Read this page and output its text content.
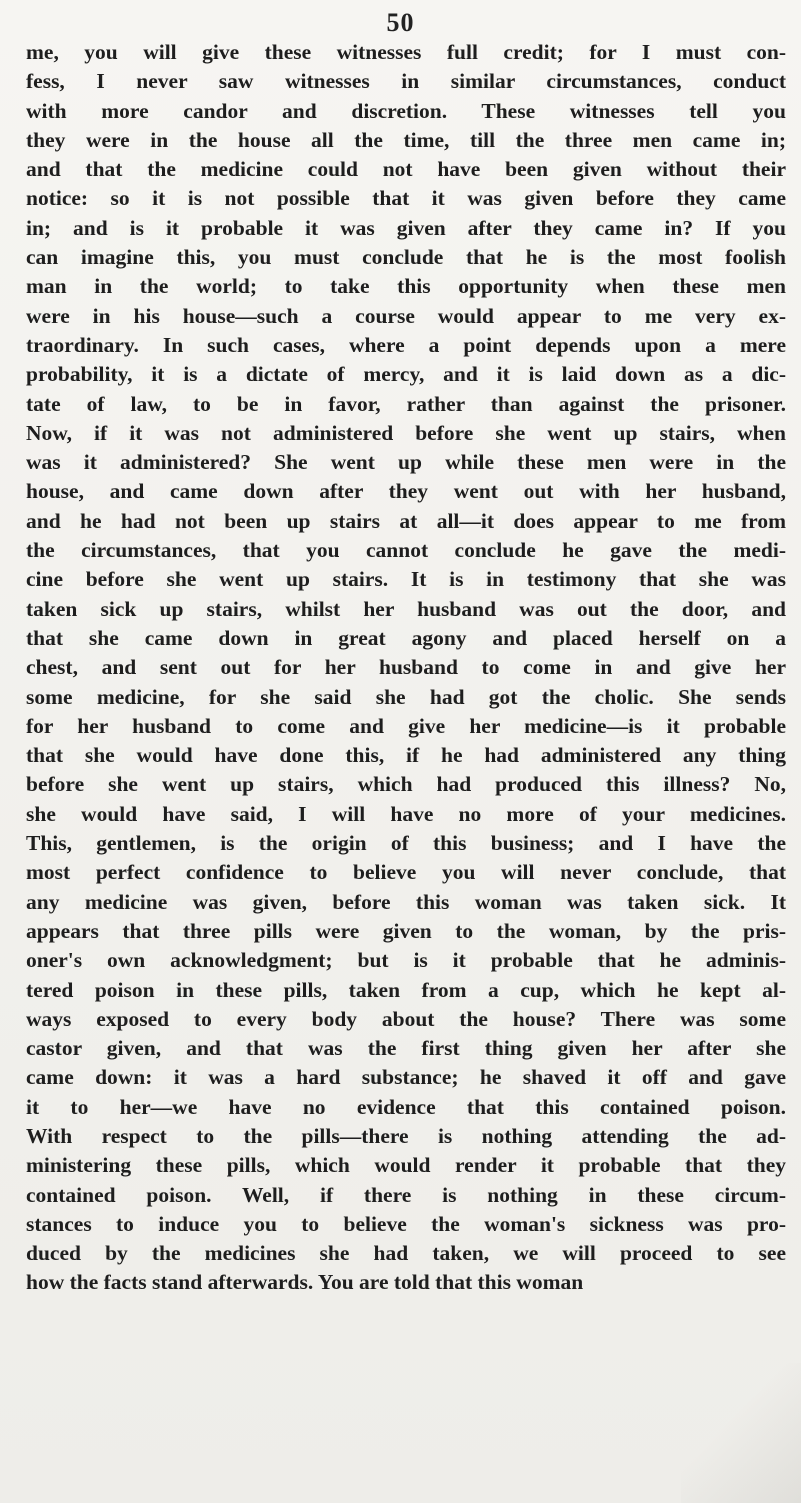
50
me, you will give these witnesses full credit; for I must con-
fess, I never saw witnesses in similar circumstances, conduct
with more candor and discretion. These witnesses tell you
they were in the house all the time, till the three men came in;
and that the medicine could not have been given without their
notice: so it is not possible that it was given before they came
in; and is it probable it was given after they came in? If you
can imagine this, you must conclude that he is the most foolish
man in the world; to take this opportunity when these men
were in his house—such a course would appear to me very ex-
traordinary. In such cases, where a point depends upon a mere
probability, it is a dictate of mercy, and it is laid down as a dic-
tate of law, to be in favor, rather than against the prisoner.
Now, if it was not administered before she went up stairs, when
was it administered? She went up while these men were in the
house, and came down after they went out with her husband,
and he had not been up stairs at all—it does appear to me from
the circumstances, that you cannot conclude he gave the medi-
cine before she went up stairs. It is in testimony that she was
taken sick up stairs, whilst her husband was out the door, and
that she came down in great agony and placed herself on a
chest, and sent out for her husband to come in and give her
some medicine, for she said she had got the cholic. She sends
for her husband to come and give her medicine—is it probable
that she would have done this, if he had administered any thing
before she went up stairs, which had produced this illness? No,
she would have said, I will have no more of your medicines.
This, gentlemen, is the origin of this business; and I have the
most perfect confidence to believe you will never conclude, that
any medicine was given, before this woman was taken sick. It
appears that three pills were given to the woman, by the pris-
oner's own acknowledgment; but is it probable that he adminis-
tered poison in these pills, taken from a cup, which he kept al-
ways exposed to every body about the house? There was some
castor given, and that was the first thing given her after she
came down: it was a hard substance; he shaved it off and gave
it to her—we have no evidence that this contained poison.
With respect to the pills—there is nothing attending the ad-
ministering these pills, which would render it probable that they
contained poison. Well, if there is nothing in these circum-
stances to induce you to believe the woman's sickness was pro-
duced by the medicines she had taken, we will proceed to see
how the facts stand afterwards. You are told that this woman
